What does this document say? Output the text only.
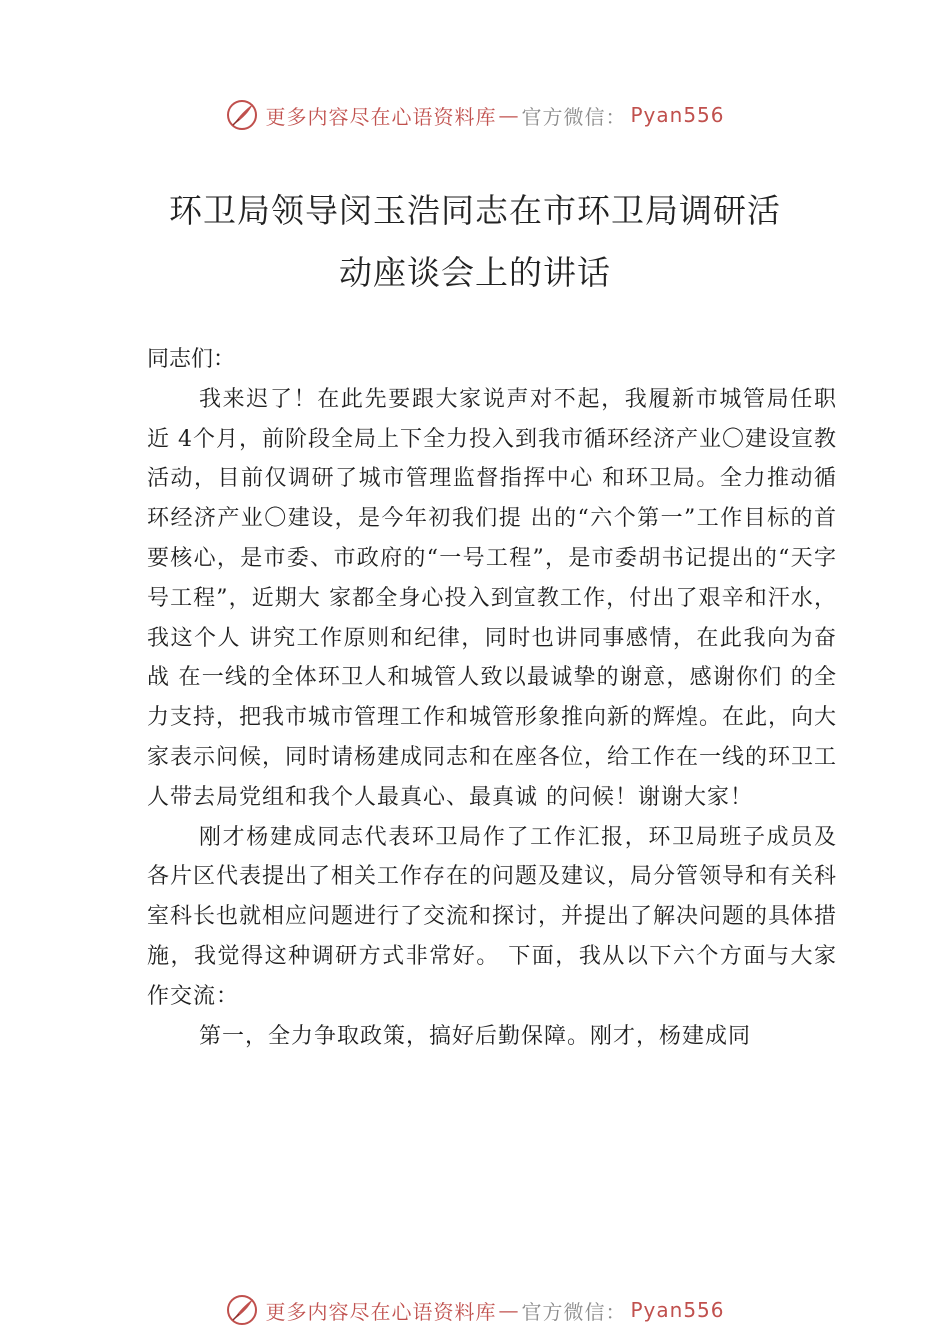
更多内容尽在心语资料库 — 官方微信： Pyan556
环卫局领导闵玉浩同志在市环卫局调研活
动座谈会上的讲话

同志们：

我来迟了！在此先要跟大家说声对不起，我履新市城管局任职近 4个月，前阶段全局上下全力投入到我市循环经济产业〇建设宣教活动，目前仅调研了城市管理监督指挥中心 和环卫局。全力推动循环经济产业〇建设，是今年初我们提 出的“六个第一”工作目标的首要核心，是市委、市政府的“一号工程”，是市委胡书记提出的“天字号工程”，近期大 家都全身心投入到宣教工作，付出了艰辛和汗水，我这个人 讲究工作原则和纪律，同时也讲同事感情，在此我向为奋战 在一线的全体环卫人和城管人致以最诚挚的谢意，感谢你们 的全力支持，把我市城市管理工作和城管形象推向新的辉煌。在此，向大家表示问候，同时请杨建成同志和在座各位，给工作在一线的环卫工人带去局党组和我个人最真心、最真诚 的问候！谢谢大家！

刚才杨建成同志代表环卫局作了工作汇报，环卫局班子成员及各片区代表提出了相关工作存在的问题及建议，局分管领导和有关科室科长也就相应问题进行了交流和探讨，并提出了解决问题的具体措施，我觉得这种调研方式非常好。 下面，我从以下六个方面与大家作交流：

第一，全力争取政策，搞好后勤保障。刚才，杨建成同

更多内容尽在心语资料库 — 官方微信： Pyan556
